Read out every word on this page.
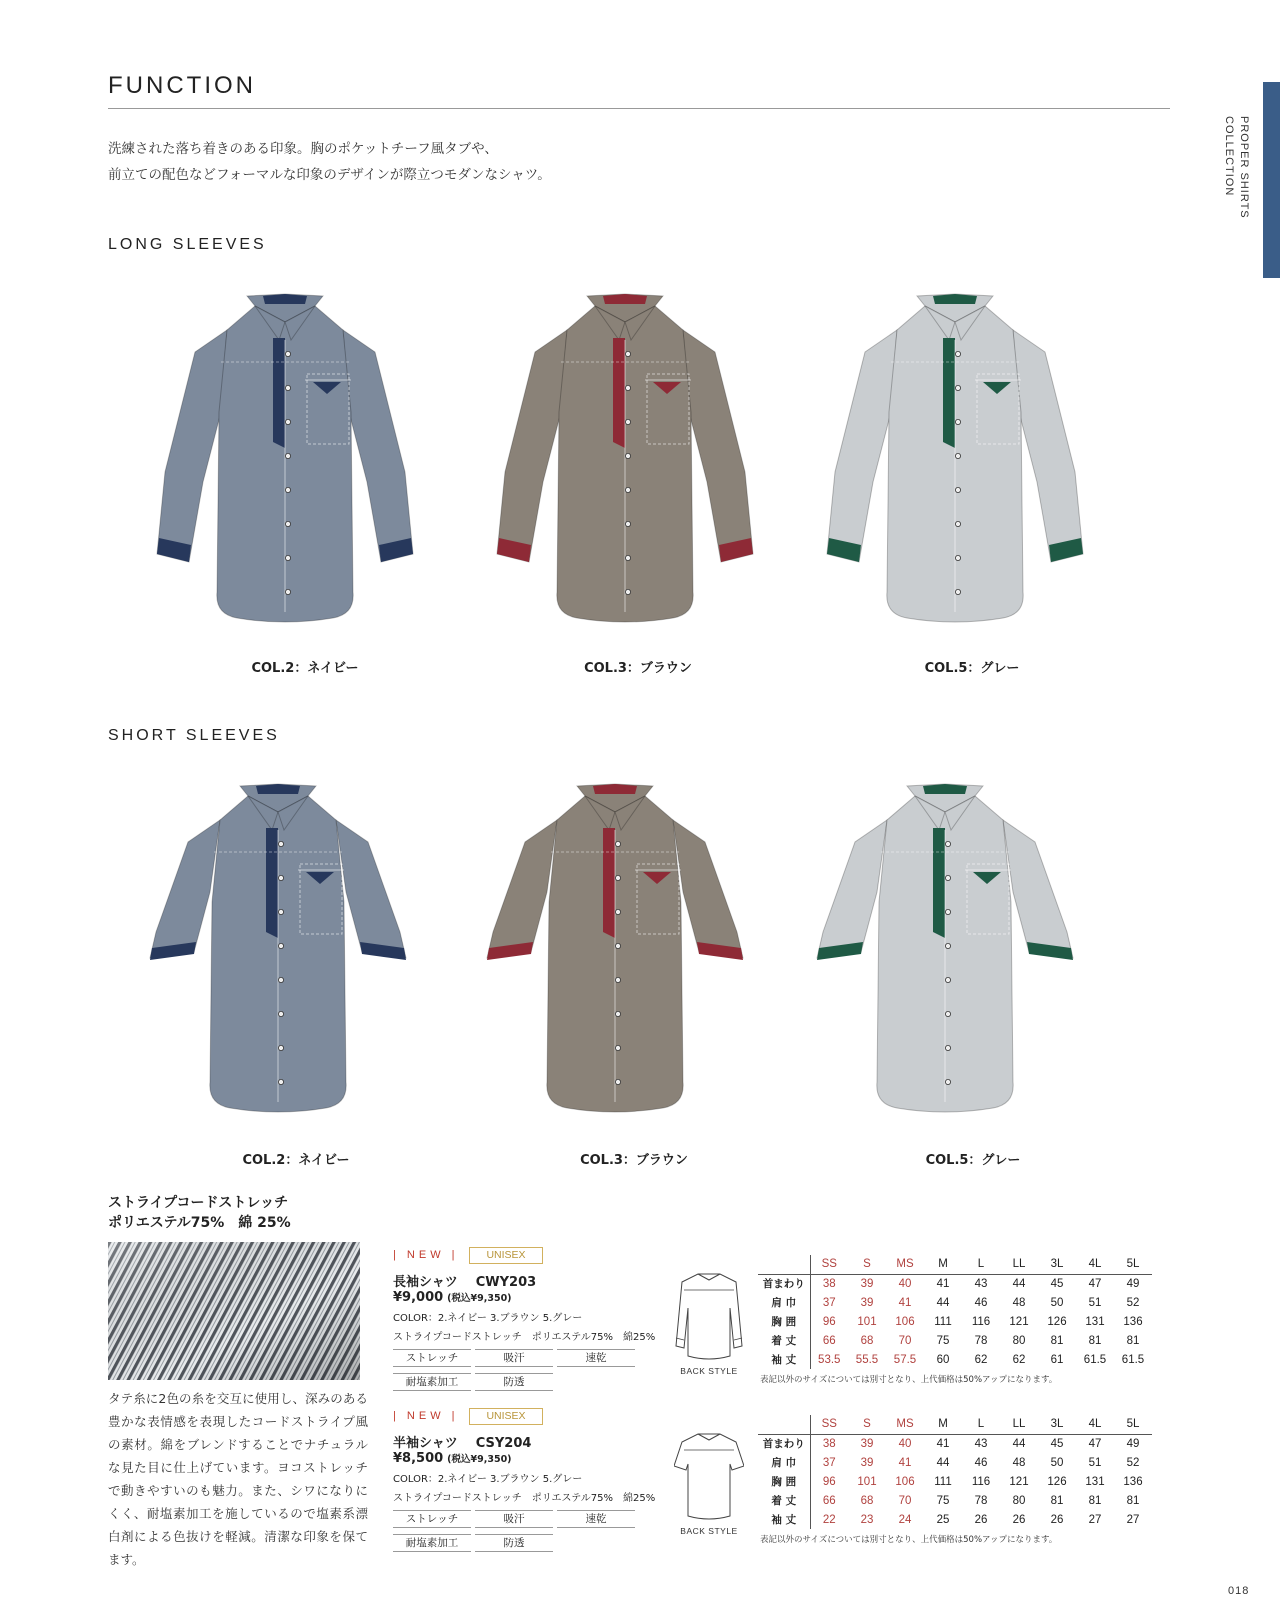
FUNCTION
PROPER SHIRTS
COLLECTION
洗練された落ち着きのある印象。胸のポケットチーフ風タブや、
前立ての配色などフォーマルな印象のデザインが際立つモダンなシャツ。
LONG SLEEVES
COL.2：ネイビー	COL.3：ブラウン	COL.5：グレー
SHORT SLEEVES
COL.2：ネイビー	COL.3：ブラウン	COL.5：グレー
ストライプコードストレッチ
ポリエステル75%　綿 25%
タテ糸に2色の糸を交互に使用し、深みのある豊かな表情感を表現したコードストライプ風の素材。綿をブレンドすることでナチュラルな見た目に仕上げています。ヨコストレッチで動きやすいのも魅力。また、シワになりにくく、耐塩素加工を施しているので塩素系漂白剤による色抜けを軽減。清潔な印象を保てます。
| NEW |	UNISEX
長袖シャツ CWY203
¥9,000 (税込¥9,350)
COLOR：2.ネイビー 3.ブラウン 5.グレー
ストライプコードストレッチ　ポリエステル75%　綿25%
ストレッチ	吸汗	速乾
耐塩素加工	防透
BACK STYLE
	SS	S	MS	M	L	LL	3L	4L	5L
首まわり	38	39	40	41	43	44	45	47	49
肩 巾	37	39	41	44	46	48	50	51	52
胸 囲	96	101	106	111	116	121	126	131	136
着 丈	66	68	70	75	78	80	81	81	81
袖 丈	53.5	55.5	57.5	60	62	62	61	61.5	61.5
表記以外のサイズについては別寸となり、上代価格は50%アップになります。
| NEW |	UNISEX
半袖シャツ CSY204
¥8,500 (税込¥9,350)
COLOR：2.ネイビー 3.ブラウン 5.グレー
ストライプコードストレッチ　ポリエステル75%　綿25%
ストレッチ	吸汗	速乾
耐塩素加工	防透
BACK STYLE
	SS	S	MS	M	L	LL	3L	4L	5L
首まわり	38	39	40	41	43	44	45	47	49
肩 巾	37	39	41	44	46	48	50	51	52
胸 囲	96	101	106	111	116	121	126	131	136
着 丈	66	68	70	75	78	80	81	81	81
袖 丈	22	23	24	25	26	26	26	27	27
表記以外のサイズについては別寸となり、上代価格は50%アップになります。
018
